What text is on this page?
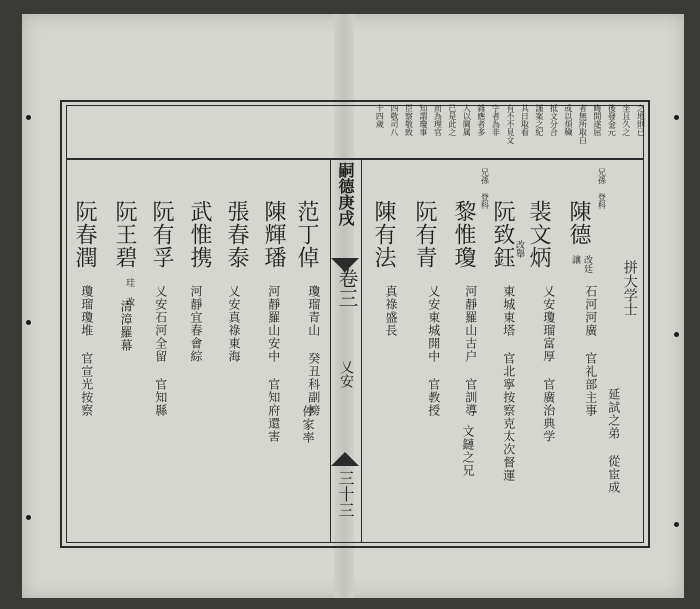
之地則已
坐且久之
後發金元
晦間遂屈
者無所取白
或以煩穢
抵文分合
謹案之紀
其日取看
有不不見文
字者為非
雜應者多
人以閫属
已是此之
而為理官
知謂瓊事
臣察敬致
四敬司八
十四歲
拼大学士
嗣德庚戌
卷三
乂安
三十三
兄孫 登科
陳德
讓 改廷
石河河廣 官礼部主事
延試之弟 從宦成
裴文炳
乂安瓊瑠富厚 官廣治典学
阮致鈺 改舉
東城東塔 官北寧按察克太次督運
兄孫 登科
黎惟瓊
河靜羅山古户 官訓導
文鏈之兄
阮有青
乂安東城開中 官教授
陳有法
真祿盛長
范丁倬
瓊瑠青山 癸丑科副榜
停家率
陳輝璠
河靜羅山安中 官知府還害
張春泰
乂安真祿東海
武惟携
河靜宜春會綜
阮有孚
乂安石河全留 官知縣
阮王碧
珪 改
清漳羅幕
阮春潤
瓊瑠瓊堆 官宣光按察
